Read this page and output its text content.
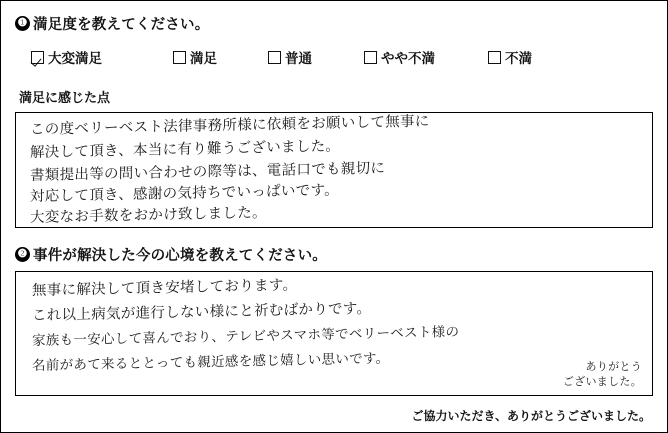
❶ 満足度を教えてください。
大変満足	満足	普通	やや不満	不満
満足に感じた点
この度ベリーベスト法律事務所様に依頼をお願いして無事に
解決して頂き、本当に有り難うございました。
書類提出等の問い合わせの際等は、電話口でも親切に
対応して頂き、感謝の気持ちでいっぱいです。
大変なお手数をおかけ致しました。
❷ 事件が解決した今の心境を教えてください。
無事に解決して頂き安堵しております。
これ以上病気が進行しない様にと祈むばかりです。
家族も一安心して喜んでおり、テレビやスマホ等でベリーベスト様の
名前があて来るととっても親近感を感じ嬉しい思いです。	ありがとう
ございました。
ご協力いただき、ありがとうございました。
